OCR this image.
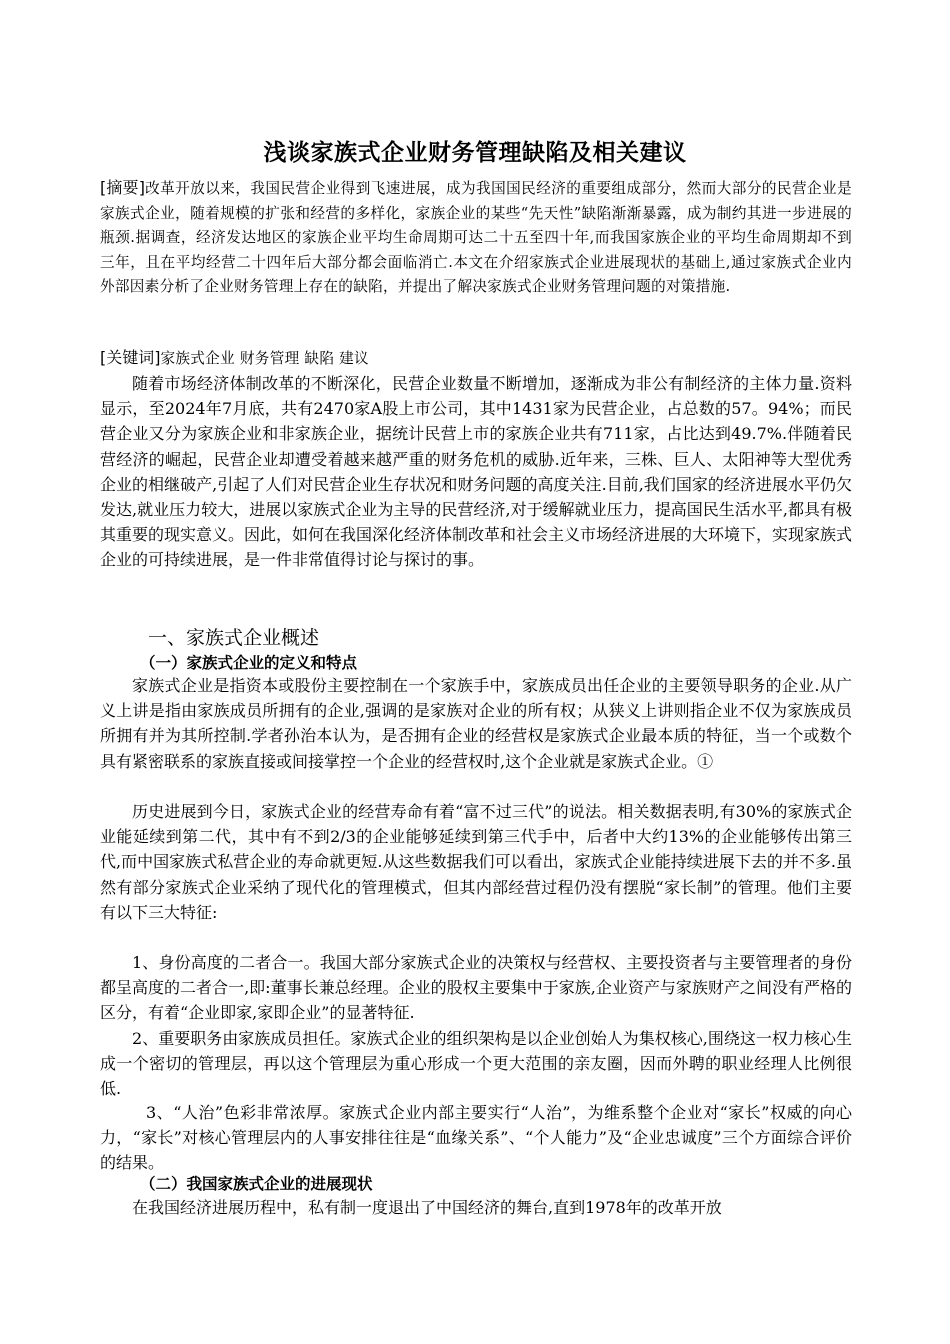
浅谈家族式企业财务管理缺陷及相关建议
[摘要]改革开放以来，我国民营企业得到飞速进展，成为我国国民经济的重要组成部分，然而大部分的民营企业是家族式企业，随着规模的扩张和经营的多样化，家族企业的某些“先天性”缺陷渐渐暴露，成为制约其进一步进展的瓶颈.据调查，经济发达地区的家族企业平均生命周期可达二十五至四十年,而我国家族企业的平均生命周期却不到三年，且在平均经营二十四年后大部分都会面临消亡.本文在介绍家族式企业进展现状的基础上,通过家族式企业内外部因素分析了企业财务管理上存在的缺陷，并提出了解决家族式企业财务管理问题的对策措施.
[关键词]家族式企业 财务管理 缺陷 建议

随着市场经济体制改革的不断深化，民营企业数量不断增加，逐渐成为非公有制经济的主体力量.资料显示，至2024年7月底，共有2470家A股上市公司，其中1431家为民营企业，占总数的57。94%；而民营企业又分为家族企业和非家族企业，据统计民营上市的家族企业共有711家，占比达到49.7%.伴随着民营经济的崛起，民营企业却遭受着越来越严重的财务危机的威胁.近年来，三株、巨人、太阳神等大型优秀企业的相继破产,引起了人们对民营企业生存状况和财务问题的高度关注.目前,我们国家的经济进展水平仍欠发达,就业压力较大，进展以家族式企业为主导的民营经济,对于缓解就业压力，提高国民生活水平,都具有极其重要的现实意义。因此，如何在我国深化经济体制改革和社会主义市场经济进展的大环境下，实现家族式企业的可持续进展，是一件非常值得讨论与探讨的事。

一、家族式企业概述
（一）家族式企业的定义和特点

家族式企业是指资本或股份主要控制在一个家族手中，家族成员出任企业的主要领导职务的企业.从广义上讲是指由家族成员所拥有的企业,强调的是家族对企业的所有权；从狭义上讲则指企业不仅为家族成员所拥有并为其所控制.学者孙治本认为，是否拥有企业的经营权是家族式企业最本质的特征，当一个或数个具有紧密联系的家族直接或间接掌控一个企业的经营权时,这个企业就是家族式企业。①

历史进展到今日，家族式企业的经营寿命有着“富不过三代”的说法。相关数据表明,有30%的家族式企业能延续到第二代，其中有不到2/3的企业能够延续到第三代手中，后者中大约13%的企业能够传出第三代,而中国家族式私营企业的寿命就更短.从这些数据我们可以看出，家族式企业能持续进展下去的并不多.虽然有部分家族式企业采纳了现代化的管理模式，但其内部经营过程仍没有摆脱“家长制”的管理。他们主要有以下三大特征:

1、身份高度的二者合一。我国大部分家族式企业的决策权与经营权、主要投资者与主要管理者的身份都呈高度的二者合一,即:董事长兼总经理。企业的股权主要集中于家族,企业资产与家族财产之间没有严格的区分，有着“企业即家,家即企业”的显著特征.

2、重要职务由家族成员担任。家族式企业的组织架构是以企业创始人为集权核心,围绕这一权力核心生成一个密切的管理层，再以这个管理层为重心形成一个更大范围的亲友圈，因而外聘的职业经理人比例很低.

3、“人治”色彩非常浓厚。家族式企业内部主要实行“人治”，为维系整个企业对“家长”权威的向心力，“家长”对核心管理层内的人事安排往往是“血缘关系”、“个人能力”及“企业忠诚度”三个方面综合评价的结果。

（二）我国家族式企业的进展现状

在我国经济进展历程中，私有制一度退出了中国经济的舞台,直到1978年的改革开放
